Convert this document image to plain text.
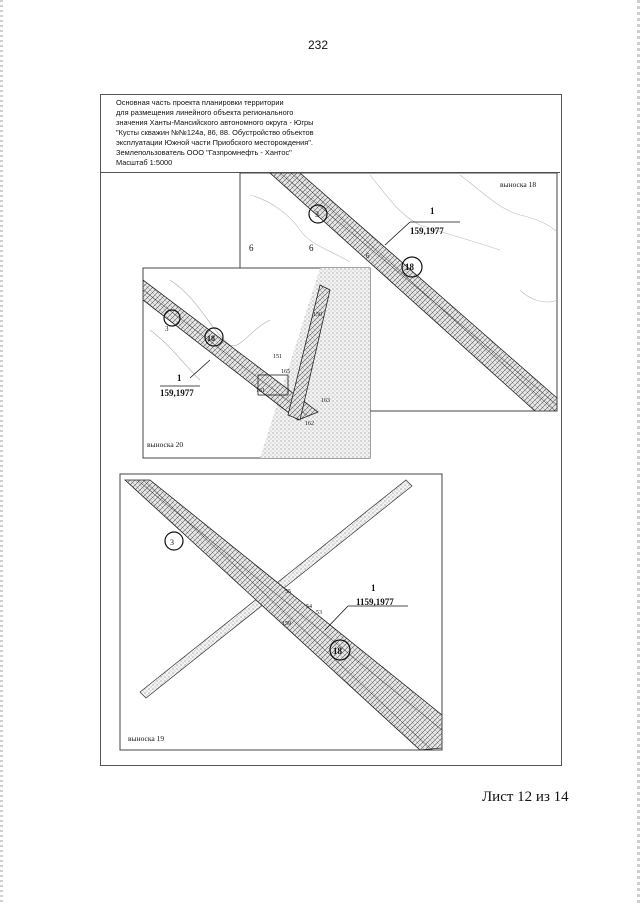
232
Основная часть проекта планировки территории
для размещения линейного объекта регионального
значения Ханты-Мансийского автономного округа - Югры
"Кусты скважин №№124а, 86, 88. Обустройство объектов
эксплуатации Южной части Приобского месторождения".
Землепользователь ООО "Газпромнефть - Хантос"
Масштаб 1:5000
6	6
6
3
18
1
159,1977
3
18
1
159,1977
150
151
165
161
163
162
3
18
1
1159,1977
55
54
53
159
выноска 18
выноска 20
выноска 19
Лист 12 из 14
